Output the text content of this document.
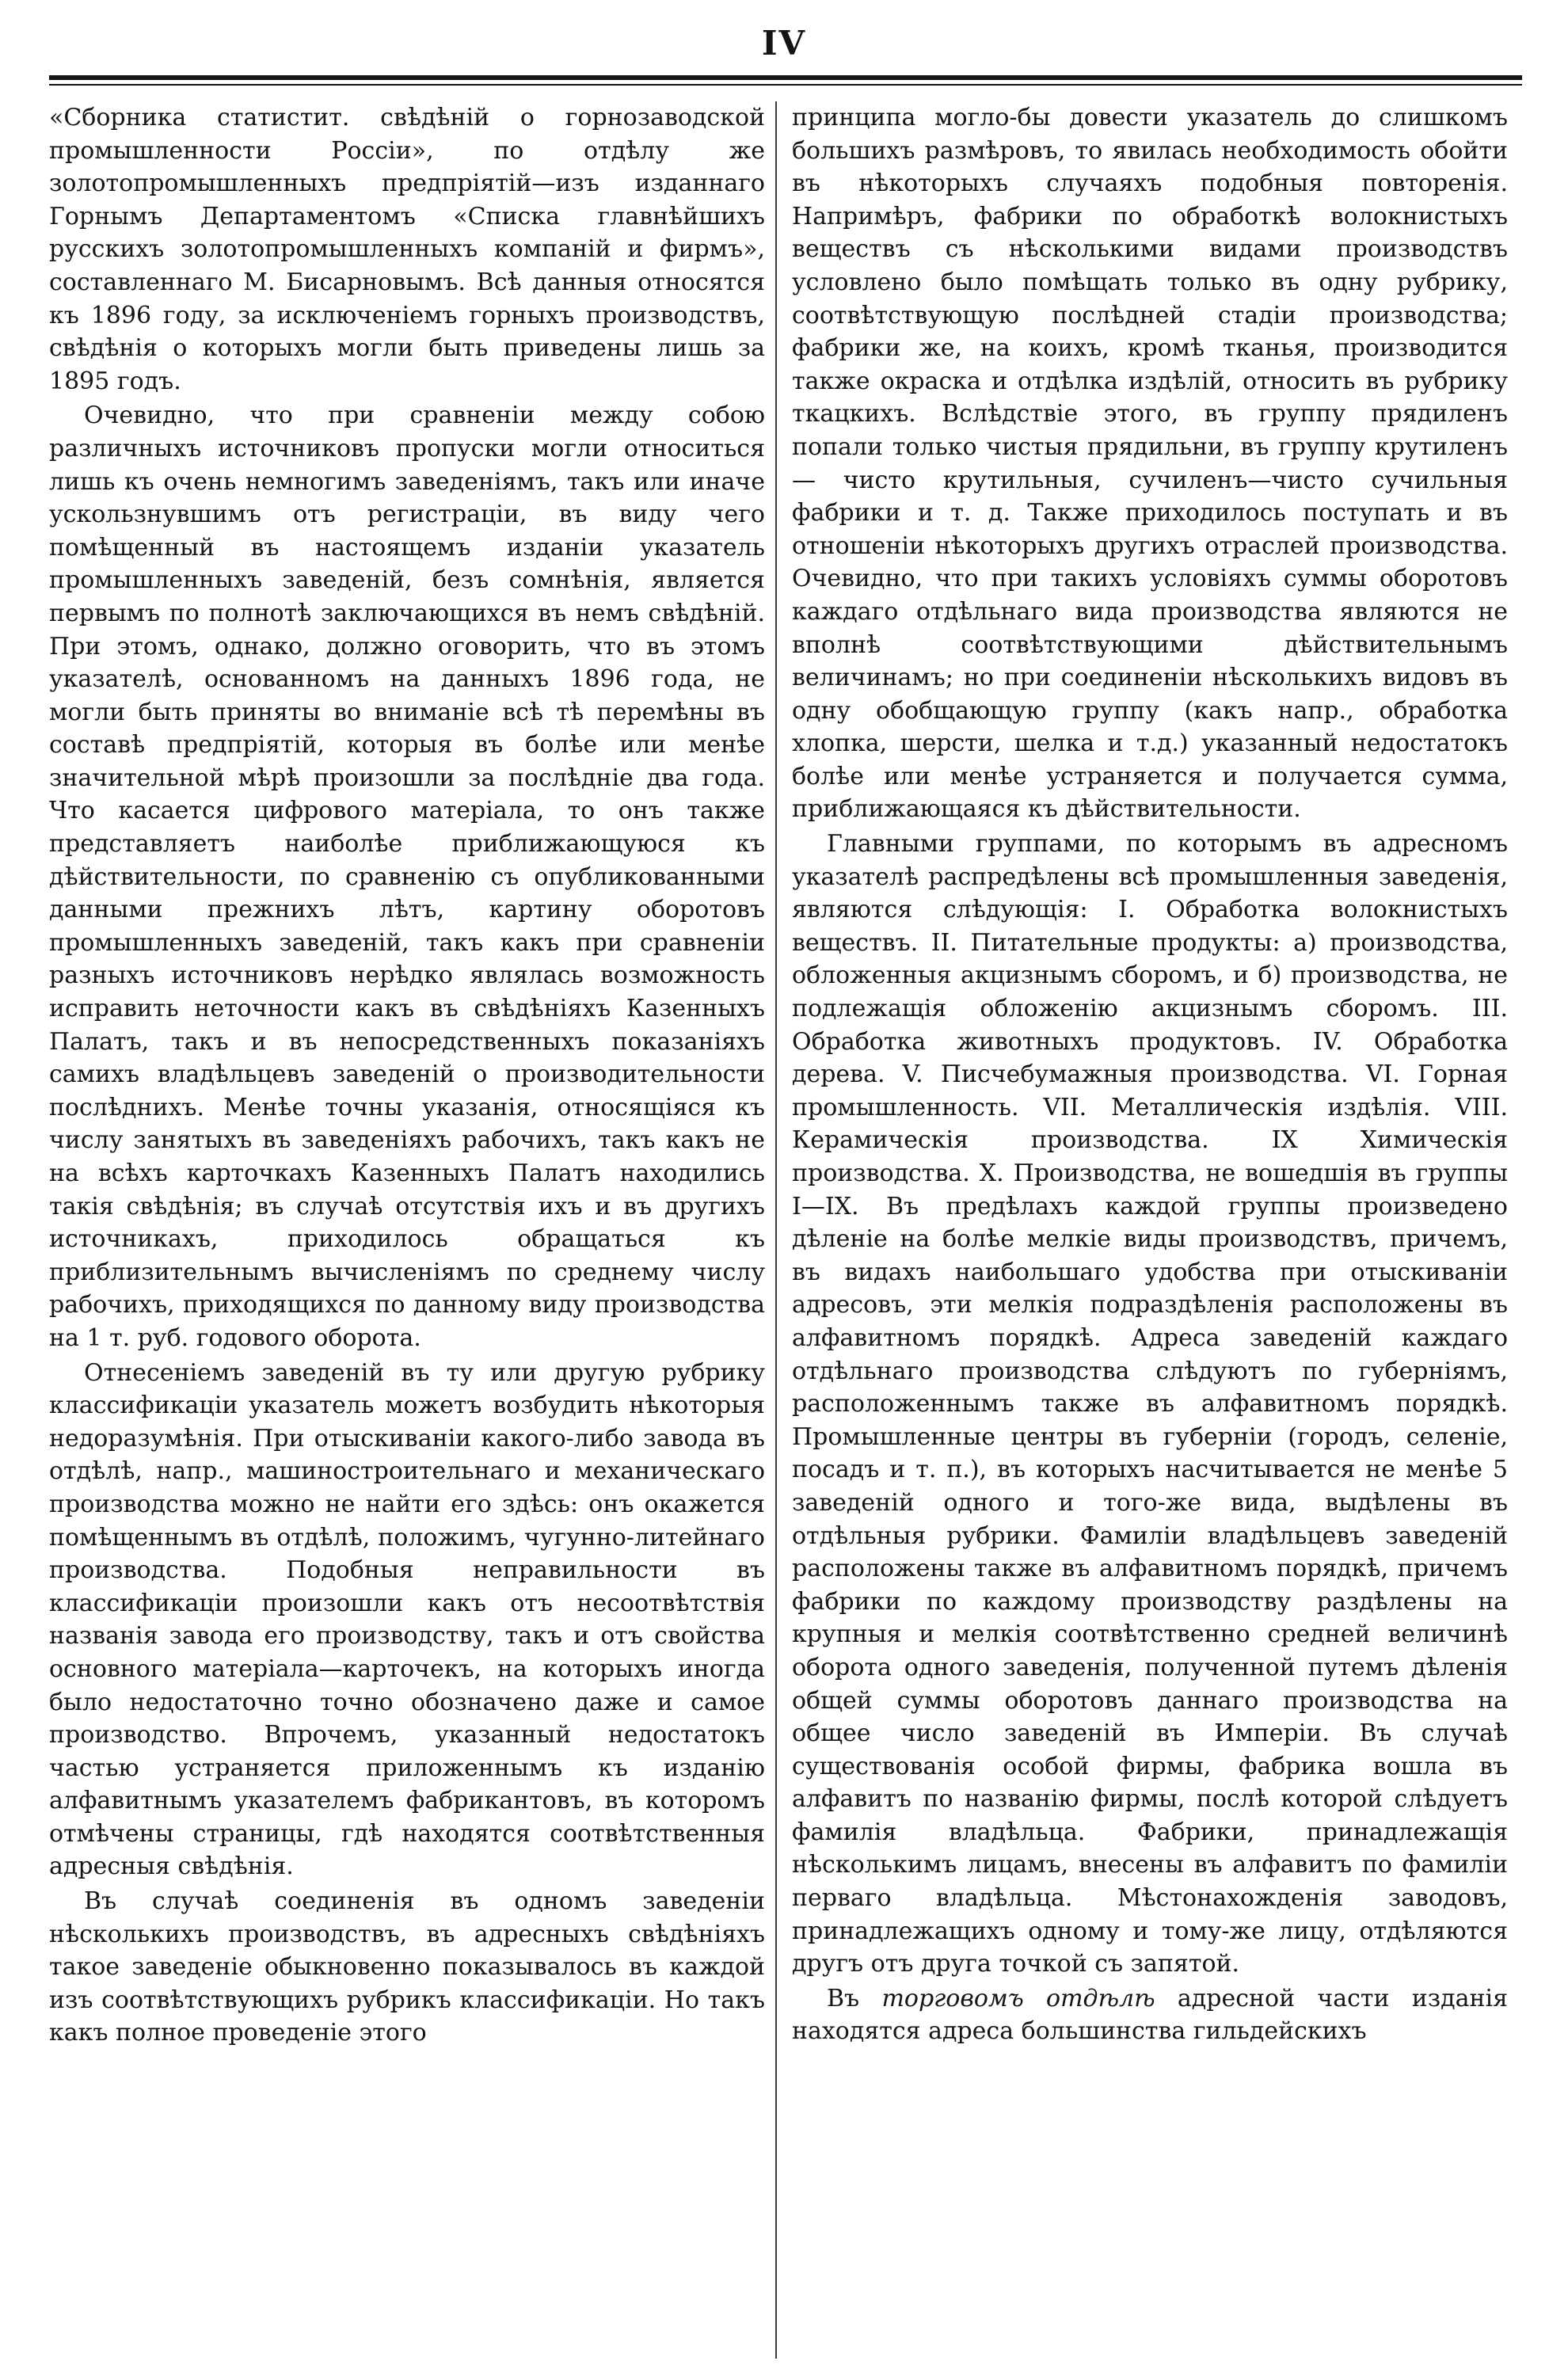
IV

«Сборника статистит. свѣдѣній о горнозаводской промышленности Россіи», по отдѣлу же золотопромышленныхъ предпріятій—изъ изданнаго Горнымъ Департаментомъ «Списка главнѣйшихъ русскихъ золотопромышленныхъ компаній и фирмъ», составленнаго М. Бисарновымъ. Всѣ данныя относятся къ 1896 году, за исключеніемъ горныхъ производствъ, свѣдѣнія о которыхъ могли быть приведены лишь за 1895 годъ.

Очевидно, что при сравненіи между собою различныхъ источниковъ пропуски могли относиться лишь къ очень немногимъ заведеніямъ, такъ или иначе ускользнувшимъ отъ регистраціи, въ виду чего помѣщенный въ настоящемъ изданіи указатель промышленныхъ заведеній, безъ сомнѣнія, является первымъ по полнотѣ заключающихся въ немъ свѣдѣній. При этомъ, однако, должно оговорить, что въ этомъ указателѣ, основанномъ на данныхъ 1896 года, не могли быть приняты во вниманіе всѣ тѣ перемѣны въ составѣ предпріятій, которыя въ болѣе или менѣе значительной мѣрѣ произошли за послѣдніе два года. Что касается цифрового матеріала, то онъ также представляетъ наиболѣе приближающуюся къ дѣйствительности, по сравненію съ опубликованными данными прежнихъ лѣтъ, картину оборотовъ промышленныхъ заведеній, такъ какъ при сравненіи разныхъ источниковъ нерѣдко являлась возможность исправить неточности какъ въ свѣдѣніяхъ Казенныхъ Палатъ, такъ и въ непосредственныхъ показаніяхъ самихъ владѣльцевъ заведеній о производительности послѣднихъ. Менѣе точны указанія, относящіяся къ числу занятыхъ въ заведеніяхъ рабочихъ, такъ какъ не на всѣхъ карточкахъ Казенныхъ Палатъ находились такія свѣдѣнія; въ случаѣ отсутствія ихъ и въ другихъ источникахъ, приходилось обращаться къ приблизительнымъ вычисленіямъ по среднему числу рабочихъ, приходящихся по данному виду производства на 1 т. руб. годового оборота.

Отнесеніемъ заведеній въ ту или другую рубрику классификаціи указатель можетъ возбудить нѣкоторыя недоразумѣнія. При отыскиваніи какого-либо завода въ отдѣлѣ, напр., машиностроительнаго и механическаго производства можно не найти его здѣсь: онъ окажется помѣщеннымъ въ отдѣлѣ, положимъ, чугунно-литейнаго производства. Подобныя неправильности въ классификаціи произошли какъ отъ несоотвѣтствія названія завода его производству, такъ и отъ свойства основного матеріала—карточекъ, на которыхъ иногда было недостаточно точно обозначено даже и самое производство. Впрочемъ, указанный недостатокъ частью устраняется приложеннымъ къ изданію алфавитнымъ указателемъ фабрикантовъ, въ которомъ отмѣчены страницы, гдѣ находятся соотвѣтственныя адресныя свѣдѣнія.

Въ случаѣ соединенія въ одномъ заведеніи нѣсколькихъ производствъ, въ адресныхъ свѣдѣніяхъ такое заведеніе обыкновенно показывалось въ каждой изъ соотвѣтствующихъ рубрикъ классификаціи. Но такъ какъ полное проведеніе этого

принципа могло-бы довести указатель до слишкомъ большихъ размѣровъ, то явилась необходимость обойти въ нѣкоторыхъ случаяхъ подобныя повторенія. Напримѣръ, фабрики по обработкѣ волокнистыхъ веществъ съ нѣсколькими видами производствъ условлено было помѣщать только въ одну рубрику, соотвѣтствующую послѣдней стадіи производства; фабрики же, на коихъ, кромѣ тканья, производится также окраска и отдѣлка издѣлій, относить въ рубрику ткацкихъ. Вслѣдствіе этого, въ группу прядиленъ попали только чистыя прядильни, въ группу крутиленъ — чисто крутильныя, сучиленъ—чисто сучильныя фабрики и т. д. Также приходилось поступать и въ отношеніи нѣкоторыхъ другихъ отраслей производства. Очевидно, что при такихъ условіяхъ суммы оборотовъ каждаго отдѣльнаго вида производства являются не вполнѣ соотвѣтствующими дѣйствительнымъ величинамъ; но при соединеніи нѣсколькихъ видовъ въ одну обобщающую группу (какъ напр., обработка хлопка, шерсти, шелка и т.д.) указанный недостатокъ болѣе или менѣе устраняется и получается сумма, приближающаяся къ дѣйствительности.

Главными группами, по которымъ въ адресномъ указателѣ распредѣлены всѣ промышленныя заведенія, являются слѣдующія: I. Обработка волокнистыхъ веществъ. II. Питательные продукты: а) производства, обложенныя акцизнымъ сборомъ, и б) производства, не подлежащія обложенію акцизнымъ сборомъ. III. Обработка животныхъ продуктовъ. IV. Обработка дерева. V. Писчебумажныя производства. VI. Горная промышленность. VII. Металлическія издѣлія. VIII. Керамическія производства. IX Химическія производства. X. Производства, не вошедшія въ группы I—IX. Въ предѣлахъ каждой группы произведено дѣленіе на болѣе мелкіе виды производствъ, причемъ, въ видахъ наибольшаго удобства при отыскиваніи адресовъ, эти мелкія подраздѣленія расположены въ алфавитномъ порядкѣ. Адреса заведеній каждаго отдѣльнаго производства слѣдуютъ по губерніямъ, расположеннымъ также въ алфавитномъ порядкѣ. Промышленные центры въ губерніи (городъ, селеніе, посадъ и т. п.), въ которыхъ насчитывается не менѣе 5 заведеній одного и того-же вида, выдѣлены въ отдѣльныя рубрики. Фамиліи владѣльцевъ заведеній расположены также въ алфавитномъ порядкѣ, причемъ фабрики по каждому производству раздѣлены на крупныя и мелкія соотвѣтственно средней величинѣ оборота одного заведенія, полученной путемъ дѣленія общей суммы оборотовъ даннаго производства на общее число заведеній въ Имперіи. Въ случаѣ существованія особой фирмы, фабрика вошла въ алфавитъ по названію фирмы, послѣ которой слѣдуетъ фамилія владѣльца. Фабрики, принадлежащія нѣсколькимъ лицамъ, внесены въ алфавитъ по фамиліи перваго владѣльца. Мѣстонахожденія заводовъ, принадлежащихъ одному и тому-же лицу, отдѣляются другъ отъ друга точкой съ запятой.

Въ торговомъ отдѣлѣ адресной части изданія находятся адреса большинства гильдейскихъ
